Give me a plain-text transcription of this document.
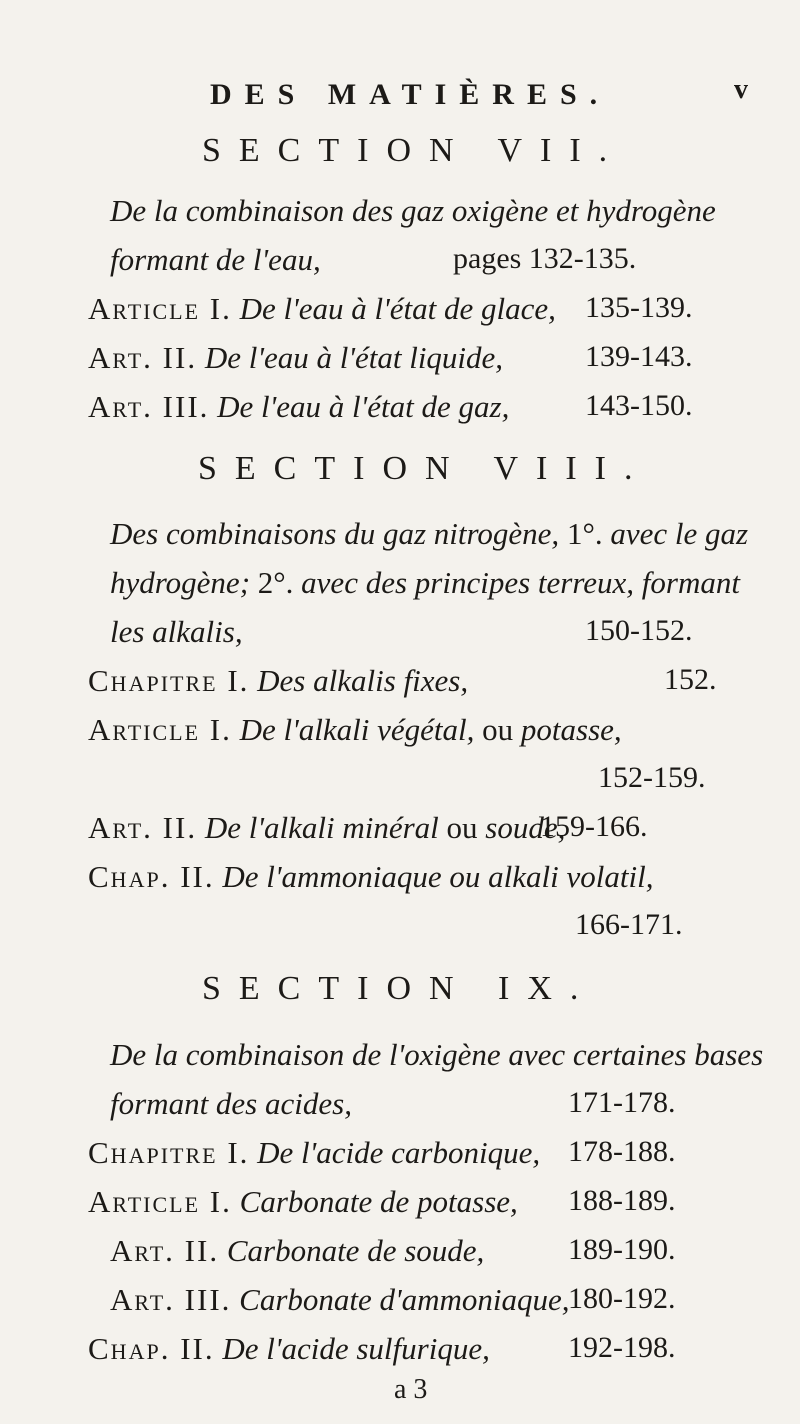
DES MATIÈRES.	v
SECTION VII.
De la combinaison des gaz oxigène et hydrogène
formant de l'eau,	pages 132-135.
Article I. De l'eau à l'état de glace, 135-139.
Art. II. De l'eau à l'état liquide,	139-143.
Art. III. De l'eau à l'état de gaz,	143-150.
SECTION VIII.
Des combinaisons du gaz nitrogène, 1°. avec le gaz
hydrogène; 2°. avec des principes terreux, formant
les alkalis,	150-152.
Chapitre I. Des alkalis fixes,	152.
Article I. De l'alkali végétal, ou potasse,
152-159.
Art. II. De l'alkali minéral ou soude,
159-166.
Chap. II. De l'ammoniaque ou alkali volatil,
166-171.
SECTION IX.
De la combinaison de l'oxigène avec certaines bases
formant des acides,	171-178.
Chapitre I. De l'acide carbonique, 178-188.
Article I. Carbonate de potasse, 188-189.
Art. II. Carbonate de soude,	189-190.
Art. III. Carbonate d'ammoniaque,
180-192.
Chap. II. De l'acide sulfurique,	192-198.
a 3
